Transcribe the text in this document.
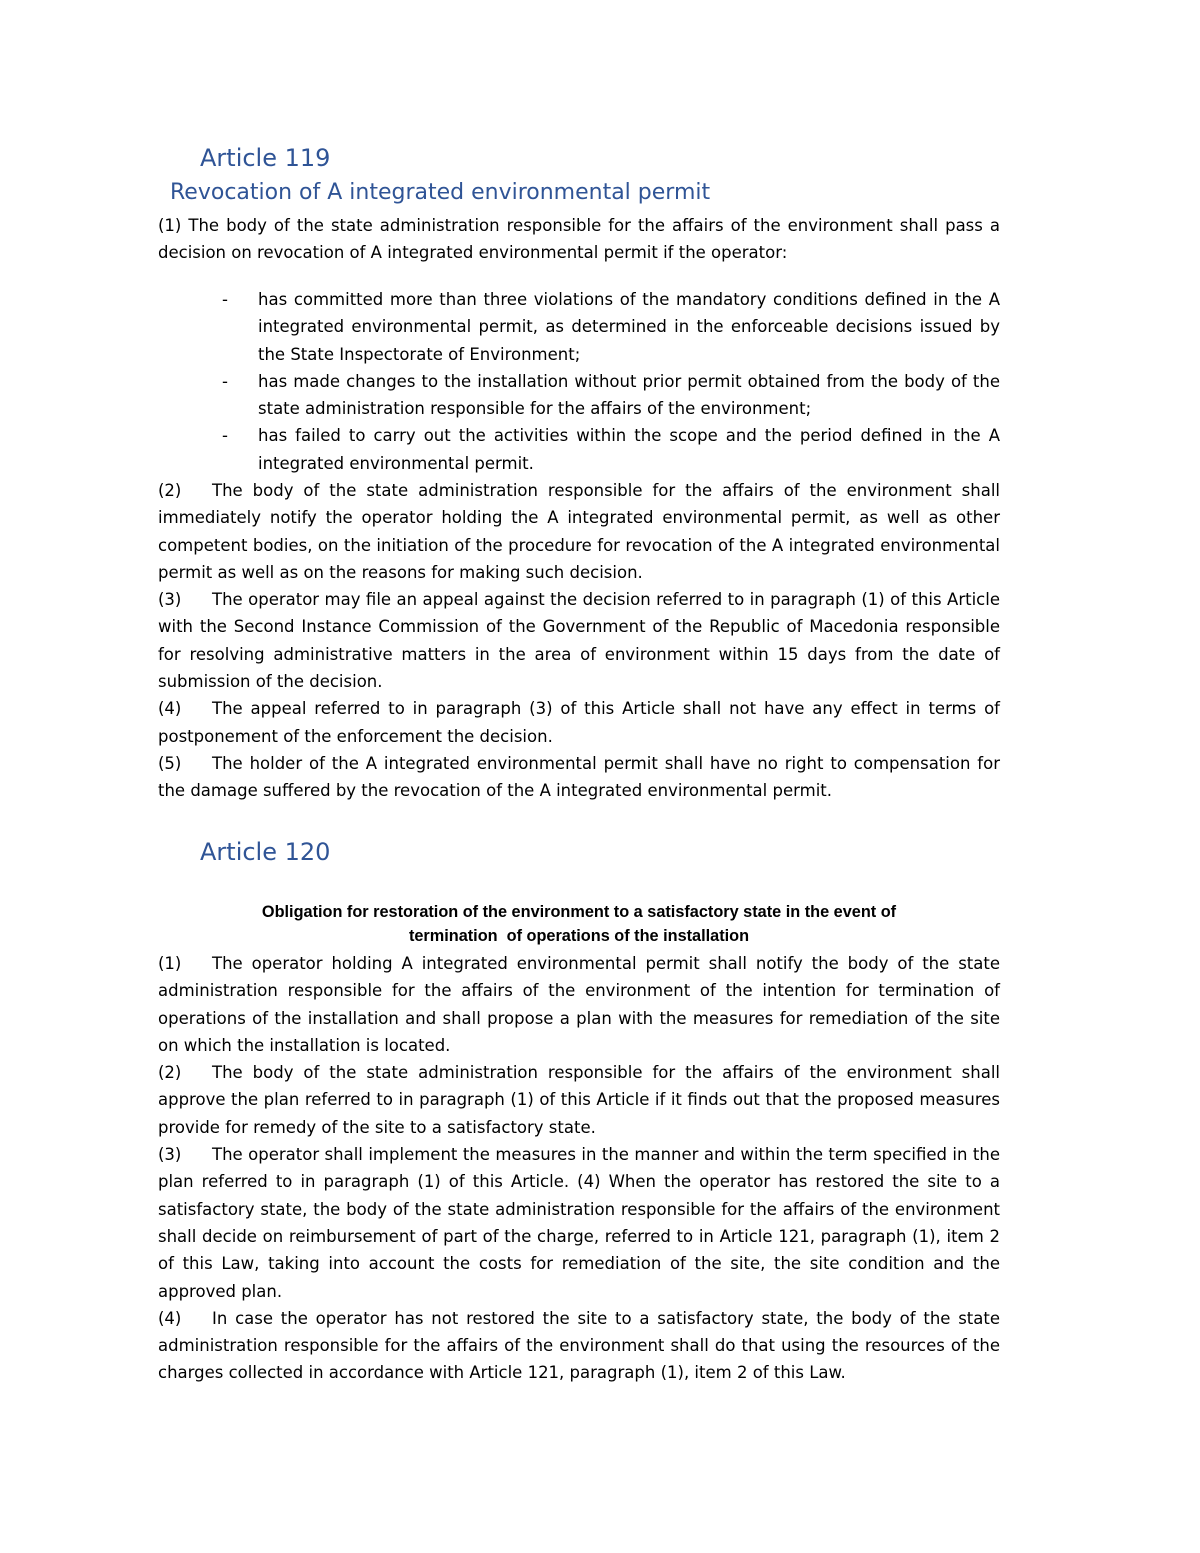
Article 119
Revocation of A integrated environmental permit
(1) The body of the state administration responsible for the affairs of the environment shall pass a decision on revocation of A integrated environmental permit if the operator:
- has committed more than three violations of the mandatory conditions defined in the A integrated environmental permit, as determined in the enforceable decisions issued by the State Inspectorate of Environment;
- has made changes to the installation without prior permit obtained from the body of the state administration responsible for the affairs of the environment;
- has failed to carry out the activities within the scope and the period defined in the A integrated environmental permit.
(2) The body of the state administration responsible for the affairs of the environment shall immediately notify the operator holding the A integrated environmental permit, as well as other competent bodies, on the initiation of the procedure for revocation of the A integrated environmental permit as well as on the reasons for making such decision.
(3) The operator may file an appeal against the decision referred to in paragraph (1) of this Article with the Second Instance Commission of the Government of the Republic of Macedonia responsible for resolving administrative matters in the area of environment within 15 days from the date of submission of the decision.
(4) The appeal referred to in paragraph (3) of this Article shall not have any effect in terms of postponement of the enforcement the decision.
(5) The holder of the A integrated environmental permit shall have no right to compensation for the damage suffered by the revocation of the A integrated environmental permit.
Article 120
Obligation for restoration of the environment to a satisfactory state in the event of
termination  of operations of the installation
(1) The operator holding A integrated environmental permit shall notify the body of the state administration responsible for the affairs of the environment of the intention for termination of operations of the installation and shall propose a plan with the measures for remediation of the site on which the installation is located.
(2) The body of the state administration responsible for the affairs of the environment shall approve the plan referred to in paragraph (1) of this Article if it finds out that the proposed measures provide for remedy of the site to a satisfactory state.
(3) The operator shall implement the measures in the manner and within the term specified in the plan referred to in paragraph (1) of this Article. (4) When the operator has restored the site to a satisfactory state, the body of the state administration responsible for the affairs of the environment shall decide on reimbursement of part of the charge, referred to in Article 121, paragraph (1), item 2 of this Law, taking into account the costs for remediation of the site, the site condition and the approved plan.
(4) In case the operator has not restored the site to a satisfactory state, the body of the state administration responsible for the affairs of the environment shall do that using the resources of the charges collected in accordance with Article 121, paragraph (1), item 2 of this Law.
